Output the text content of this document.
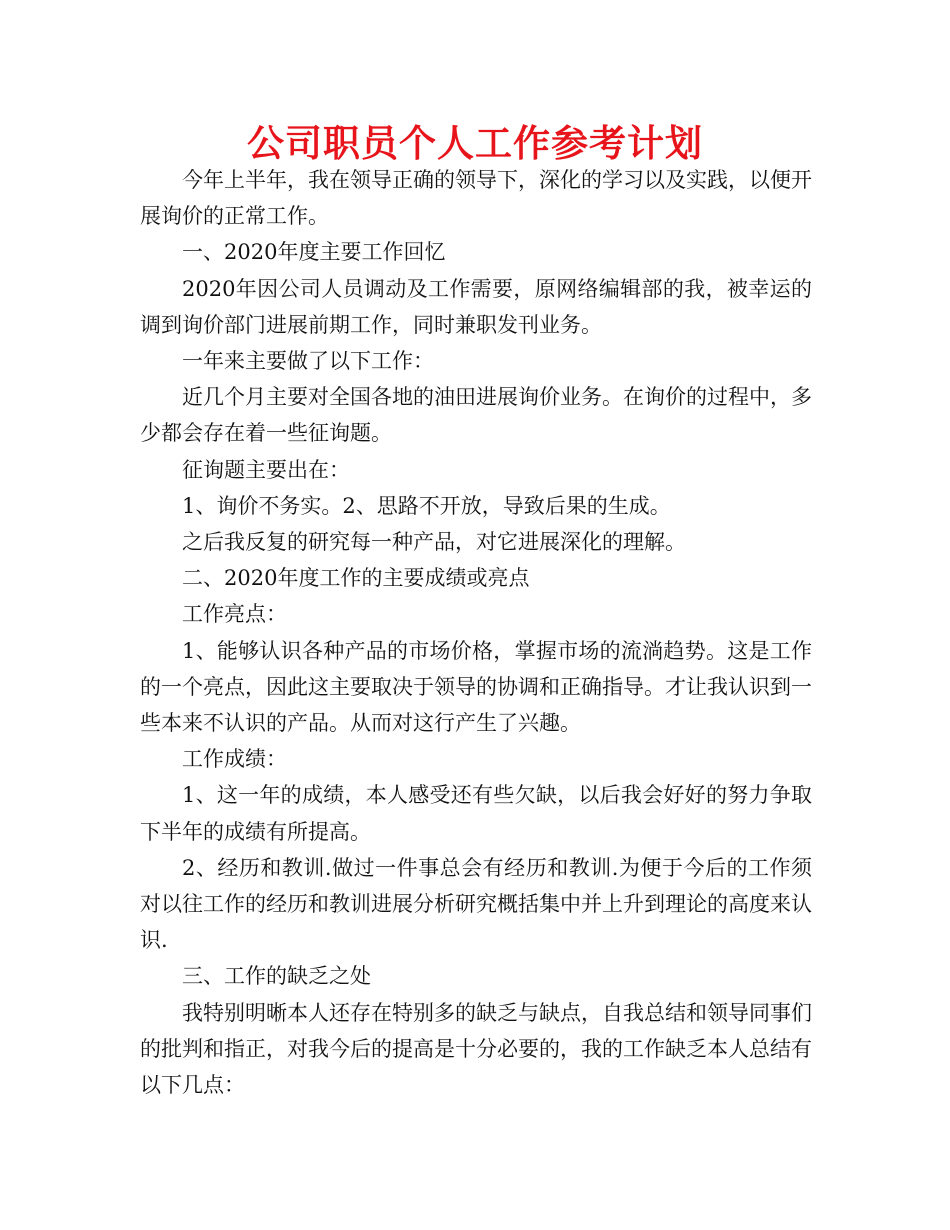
公司职员个人工作参考计划

今年上半年，我在领导正确的领导下，深化的学习以及实践，以便开展询价的正常工作。

一、2020年度主要工作回忆

2020年因公司人员调动及工作需要，原网络编辑部的我，被幸运的调到询价部门进展前期工作，同时兼职发刊业务。

一年来主要做了以下工作：

近几个月主要对全国各地的油田进展询价业务。在询价的过程中，多少都会存在着一些征询题。

征询题主要出在：

1、询价不务实。2、思路不开放，导致后果的生成。

之后我反复的研究每一种产品，对它进展深化的理解。

二、2020年度工作的主要成绩或亮点

工作亮点：

1、能够认识各种产品的市场价格，掌握市场的流淌趋势。这是工作的一个亮点，因此这主要取决于领导的协调和正确指导。才让我认识到一些本来不认识的产品。从而对这行产生了兴趣。

工作成绩：

1、这一年的成绩，本人感受还有些欠缺，以后我会好好的努力争取下半年的成绩有所提高。

2、经历和教训.做过一件事总会有经历和教训.为便于今后的工作须对以往工作的经历和教训进展分析研究概括集中并上升到理论的高度来认识.

三、工作的缺乏之处

我特别明晰本人还存在特别多的缺乏与缺点，自我总结和领导同事们的批判和指正，对我今后的提高是十分必要的，我的工作缺乏本人总结有以下几点：
